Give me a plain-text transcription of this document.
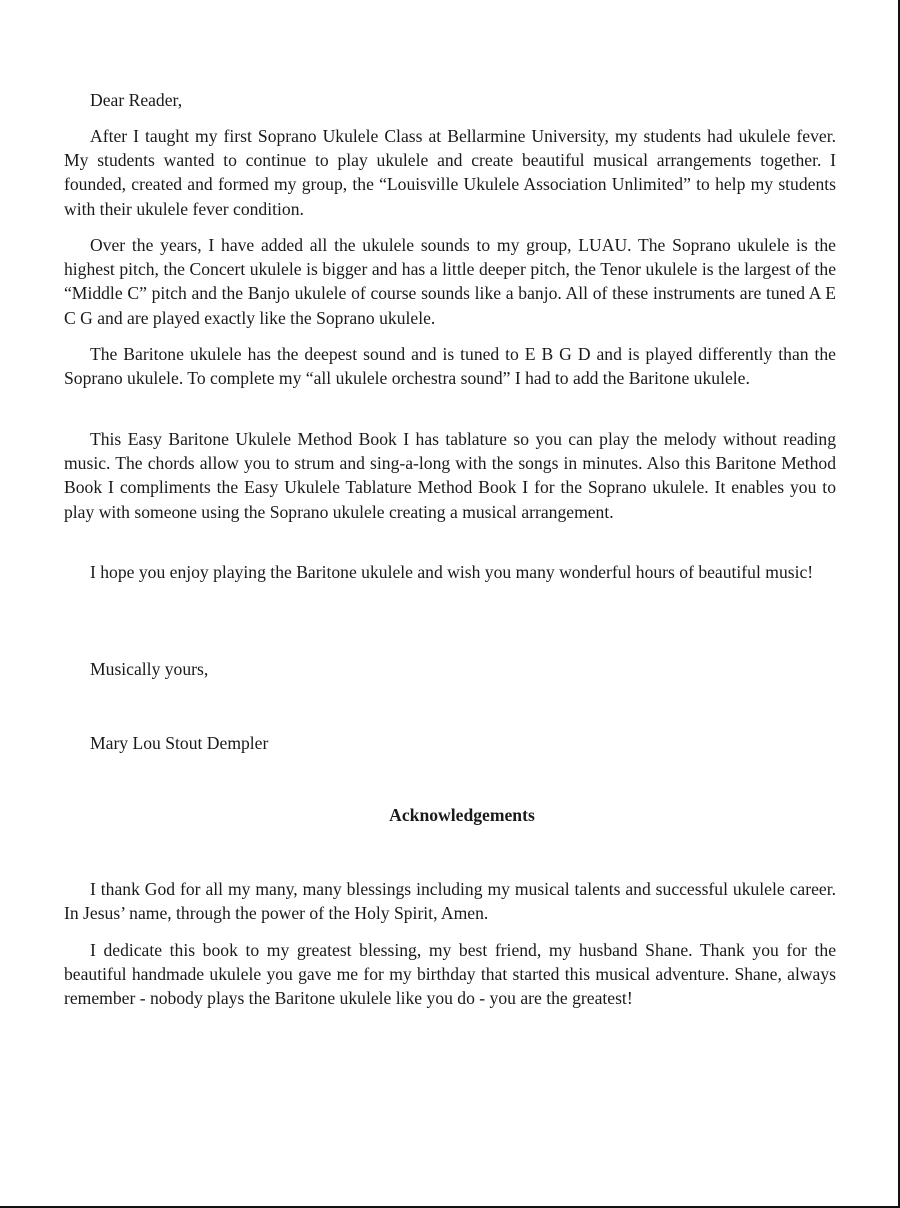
Dear Reader,

After I taught my first Soprano Ukulele Class at Bellarmine University, my students had ukulele fever. My students wanted to continue to play ukulele and create beautiful musical arrangements together. I founded, created and formed my group, the “Louisville Ukulele Association Unlimited” to help my students with their ukulele fever condition.

Over the years, I have added all the ukulele sounds to my group, LUAU. The Soprano ukulele is the highest pitch, the Concert ukulele is bigger and has a little deeper pitch, the Tenor ukulele is the largest of the “Middle C” pitch and the Banjo ukulele of course sounds like a banjo. All of these instruments are tuned A E C G and are played exactly like the Soprano ukulele.

The Baritone ukulele has the deepest sound and is tuned to E B G D and is played differently than the Soprano ukulele. To complete my “all ukulele orchestra sound” I had to add the Baritone ukulele.

This Easy Baritone Ukulele Method Book I has tablature so you can play the melody without reading music. The chords allow you to strum and sing-a-long with the songs in minutes. Also this Baritone Method Book I compliments the Easy Ukulele Tablature Method Book I for the Soprano ukulele. It enables you to play with someone using the Soprano ukulele creating a musical arrangement.

I hope you enjoy playing the Baritone ukulele and wish you many wonderful hours of beautiful music!

Musically yours,

Mary Lou Stout Dempler

Acknowledgements

I thank God for all my many, many blessings including my musical talents and successful ukulele career. In Jesus’ name, through the power of the Holy Spirit, Amen.

I dedicate this book to my greatest blessing, my best friend, my husband Shane. Thank you for the beautiful handmade ukulele you gave me for my birthday that started this musical adventure. Shane, always remember - nobody plays the Baritone ukulele like you do - you are the greatest!
